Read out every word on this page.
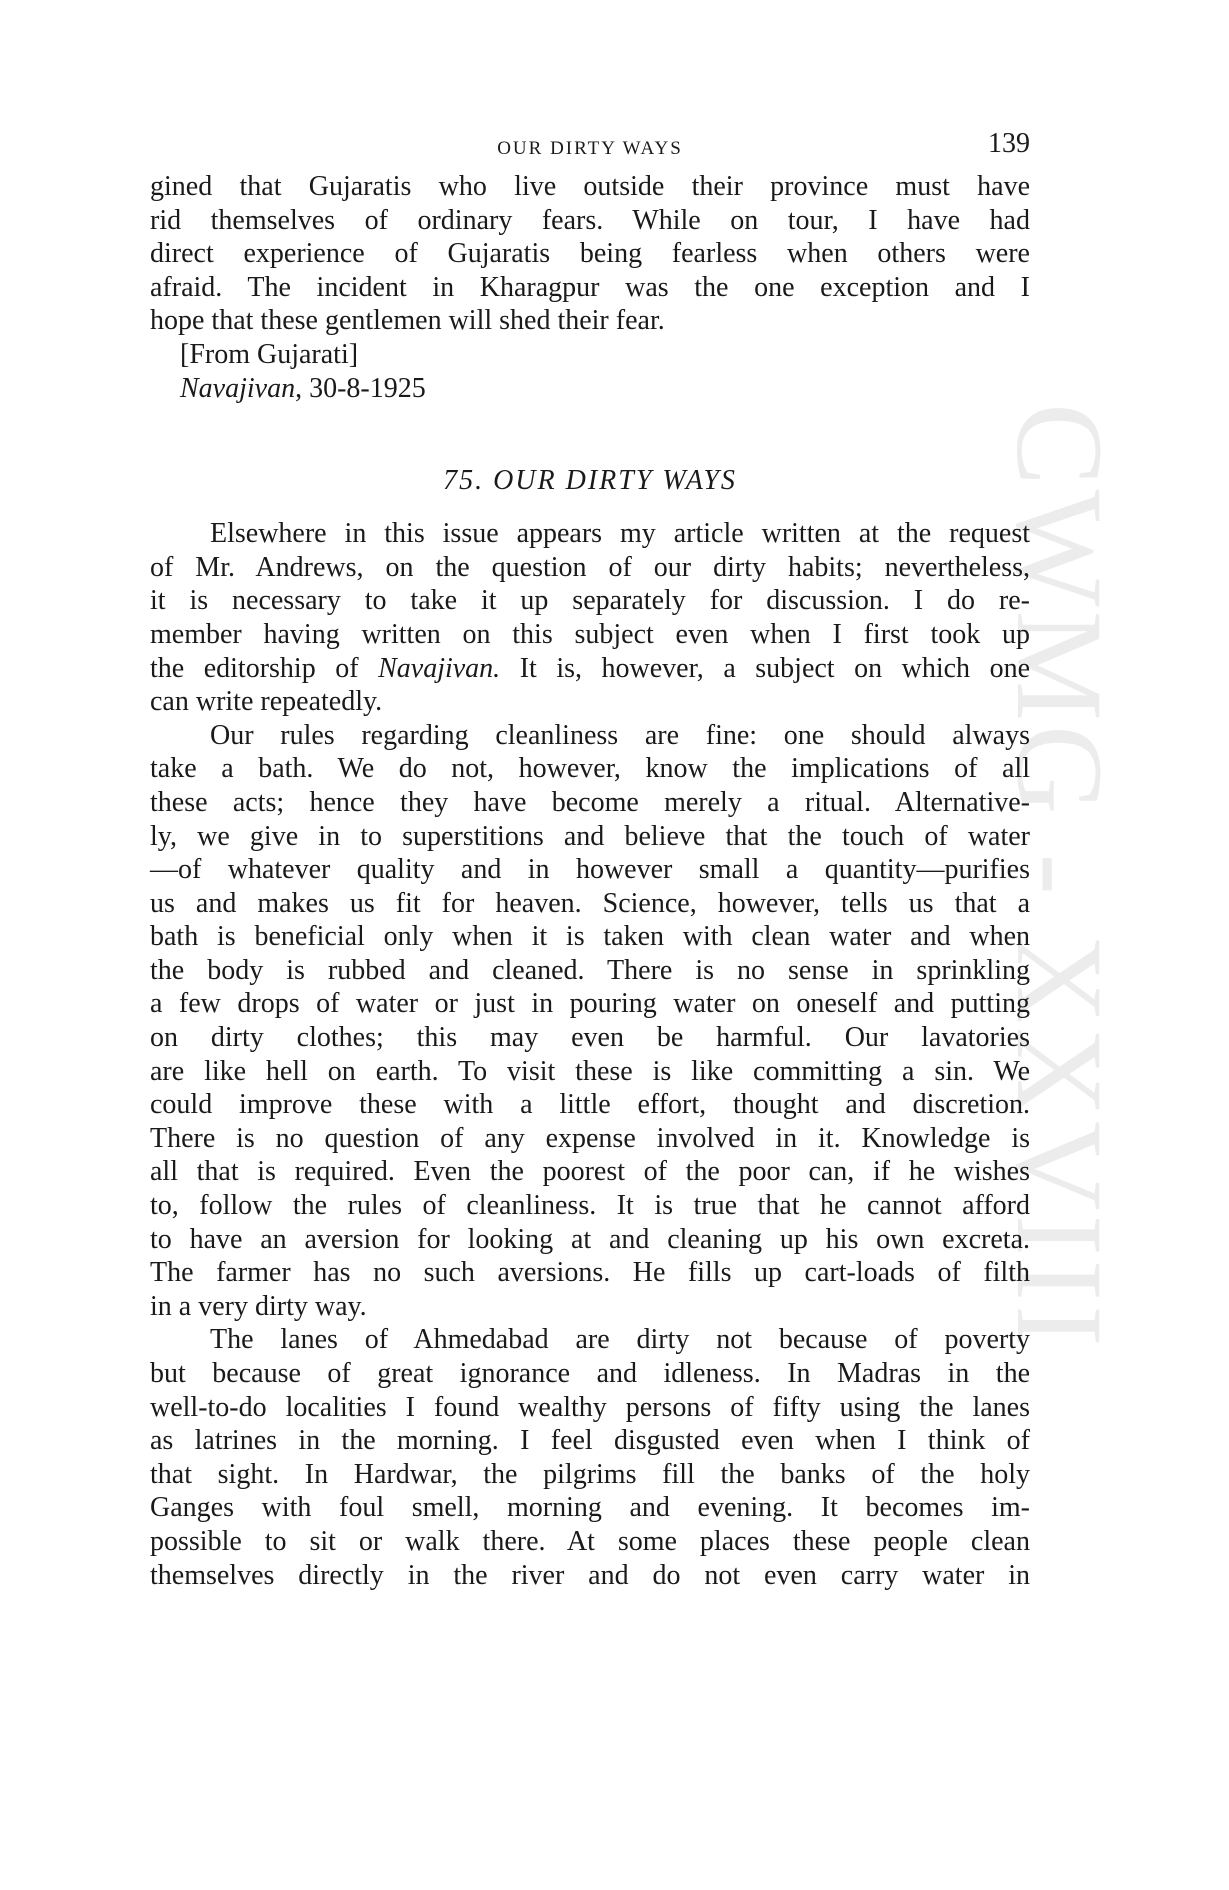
CWMG - XXVIII
OUR DIRTY WAYS	139

gined that Gujaratis who live outside their province must have
rid themselves of ordinary fears. While on tour, I have had
direct experience of Gujaratis being fearless when others were
afraid. The incident in Kharagpur was the one exception and I
hope that these gentlemen will shed their fear.

[From Gujarati]

Navajivan, 30-8-1925

75. OUR DIRTY WAYS

Elsewhere in this issue appears my article written at the request
of Mr. Andrews, on the question of our dirty habits; nevertheless,
it is necessary to take it up separately for discussion. I do re-
member having written on this subject even when I first took up
the editorship of Navajivan. It is, however, a subject on which one
can write repeatedly.

Our rules regarding cleanliness are fine: one should always
take a bath. We do not, however, know the implications of all
these acts; hence they have become merely a ritual. Alternative-
ly, we give in to superstitions and believe that the touch of water
—of whatever quality and in however small a quantity—purifies
us and makes us fit for heaven. Science, however, tells us that a
bath is beneficial only when it is taken with clean water and when
the body is rubbed and cleaned. There is no sense in sprinkling
a few drops of water or just in pouring water on oneself and putting
on dirty clothes; this may even be harmful. Our lavatories
are like hell on earth. To visit these is like committing a sin. We
could improve these with a little effort, thought and discretion.
There is no question of any expense involved in it. Knowledge is
all that is required. Even the poorest of the poor can, if he wishes
to, follow the rules of cleanliness. It is true that he cannot afford
to have an aversion for looking at and cleaning up his own excreta.
The farmer has no such aversions. He fills up cart-loads of filth
in a very dirty way.

The lanes of Ahmedabad are dirty not because of poverty
but because of great ignorance and idleness. In Madras in the
well-to-do localities I found wealthy persons of fifty using the lanes
as latrines in the morning. I feel disgusted even when I think of
that sight. In Hardwar, the pilgrims fill the banks of the holy
Ganges with foul smell, morning and evening. It becomes im-
possible to sit or walk there. At some places these people clean
themselves directly in the river and do not even carry water in
